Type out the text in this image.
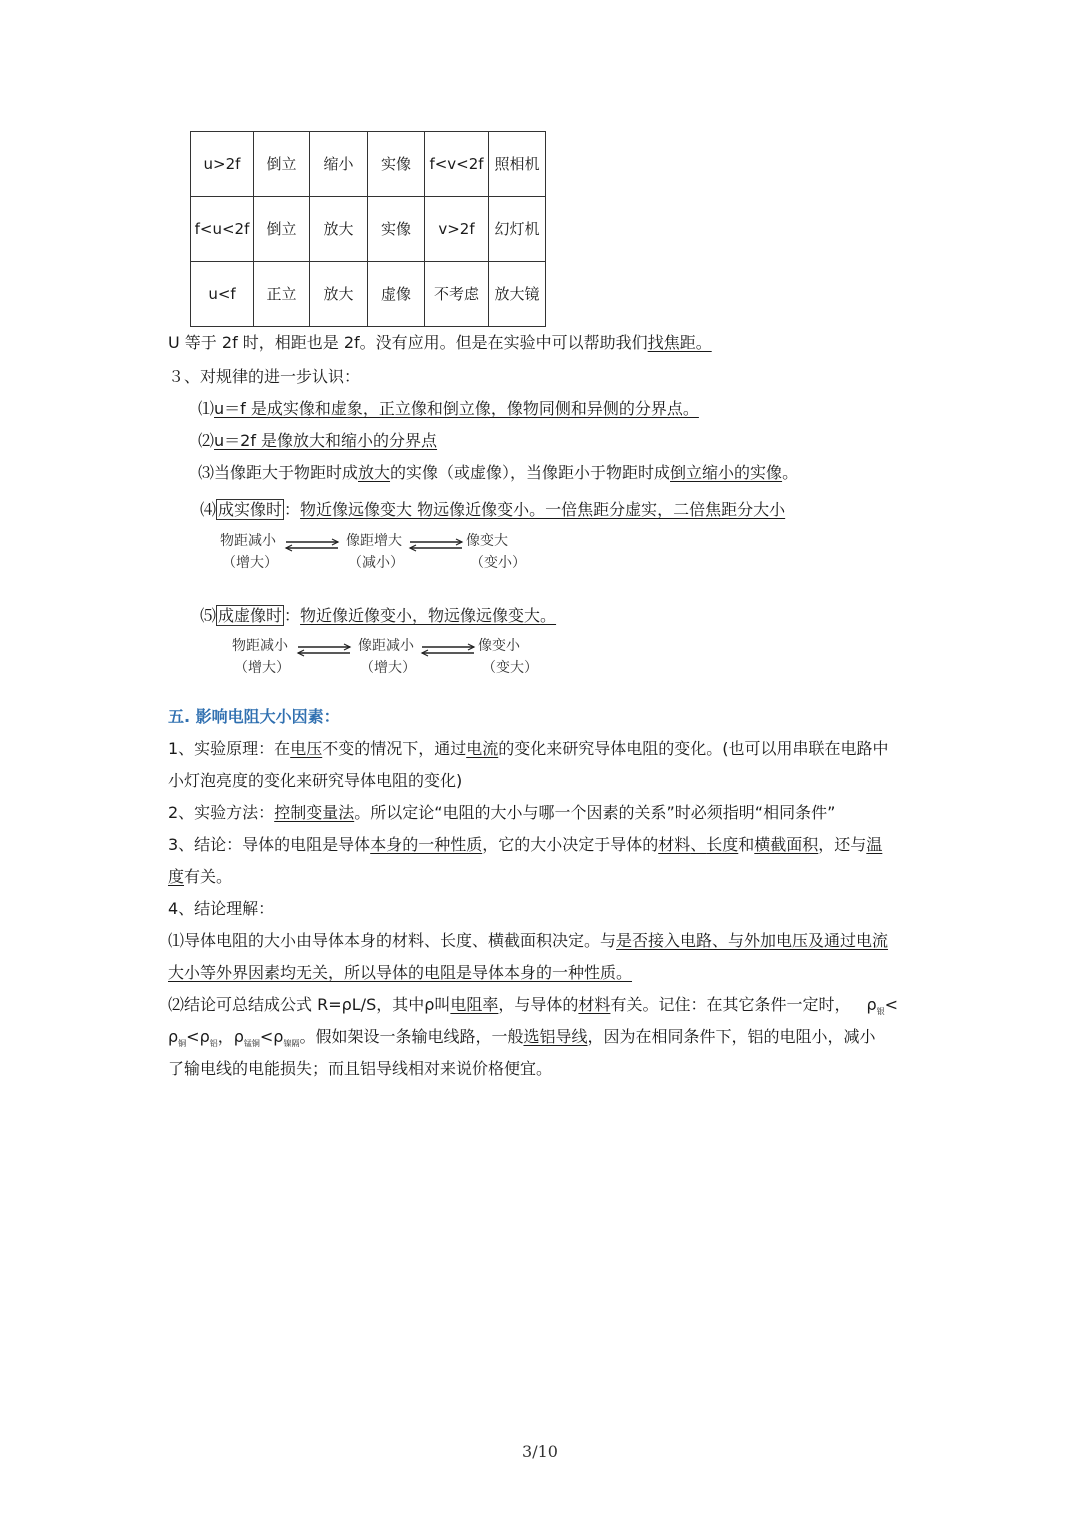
u>2f	倒立	缩小	实像	f<v<2f	照相机
f<u<2f	倒立	放大	实像	v>2f	幻灯机
u<f	正立	放大	虚像	不考虑	放大镜
U 等于 2f 时，相距也是 2f。没有应用。但是在实验中可以帮助我们找焦距。
３、对规律的进一步认识：
⑴u＝f 是成实像和虚象，正立像和倒立像，像物同侧和异侧的分界点。
⑵u＝2f 是像放大和缩小的分界点
⑶当像距大于物距时成放大的实像（或虚像），当像距小于物距时成倒立缩小的实像。
⑷ 成实像时 ：物近像远像变大 物远像近像变小。一倍焦距分虚实，二倍焦距分大小
物距减小
（增大）
像距增大
（减小）
像变大
（变小）
⑸ 成虚像时 ：物近像近像变小，物远像远像变大。
物距减小
（增大）
像距减小
（增大）
像变小
（变大）
五. 影响电阻大小因素：
1、实验原理：在电压不变的情况下，通过电流的变化来研究导体电阻的变化。(也可以用串联在电路中
小灯泡亮度的变化来研究导体电阻的变化)
2、实验方法：控制变量法。所以定论“电阻的大小与哪一个因素的关系”时必须指明“相同条件”
3、结论：导体的电阻是导体本身的一种性质，它的大小决定于导体的材料、长度和横截面积，还与温
度有关。
4、结论理解：
⑴导体电阻的大小由导体本身的材料、长度、横截面积决定。与是否接入电路、与外加电压及通过电流
大小等外界因素均无关，所以导体的电阻是导体本身的一种性质。
⑵结论可总结成公式 R=ρL/S，其中ρ叫电阻率，与导体的材料有关。记住：在其它条件一定时， $\rho_银<$
$\rho_铜<\rho_铝$，$\rho_{锰铜}<\rho_{镍隔}$。假如架设一条输电线路，一般选铝导线，因为在相同条件下，铝的电阻小，减小
了输电线的电能损失；而且铝导线相对来说价格便宜。
3/10
